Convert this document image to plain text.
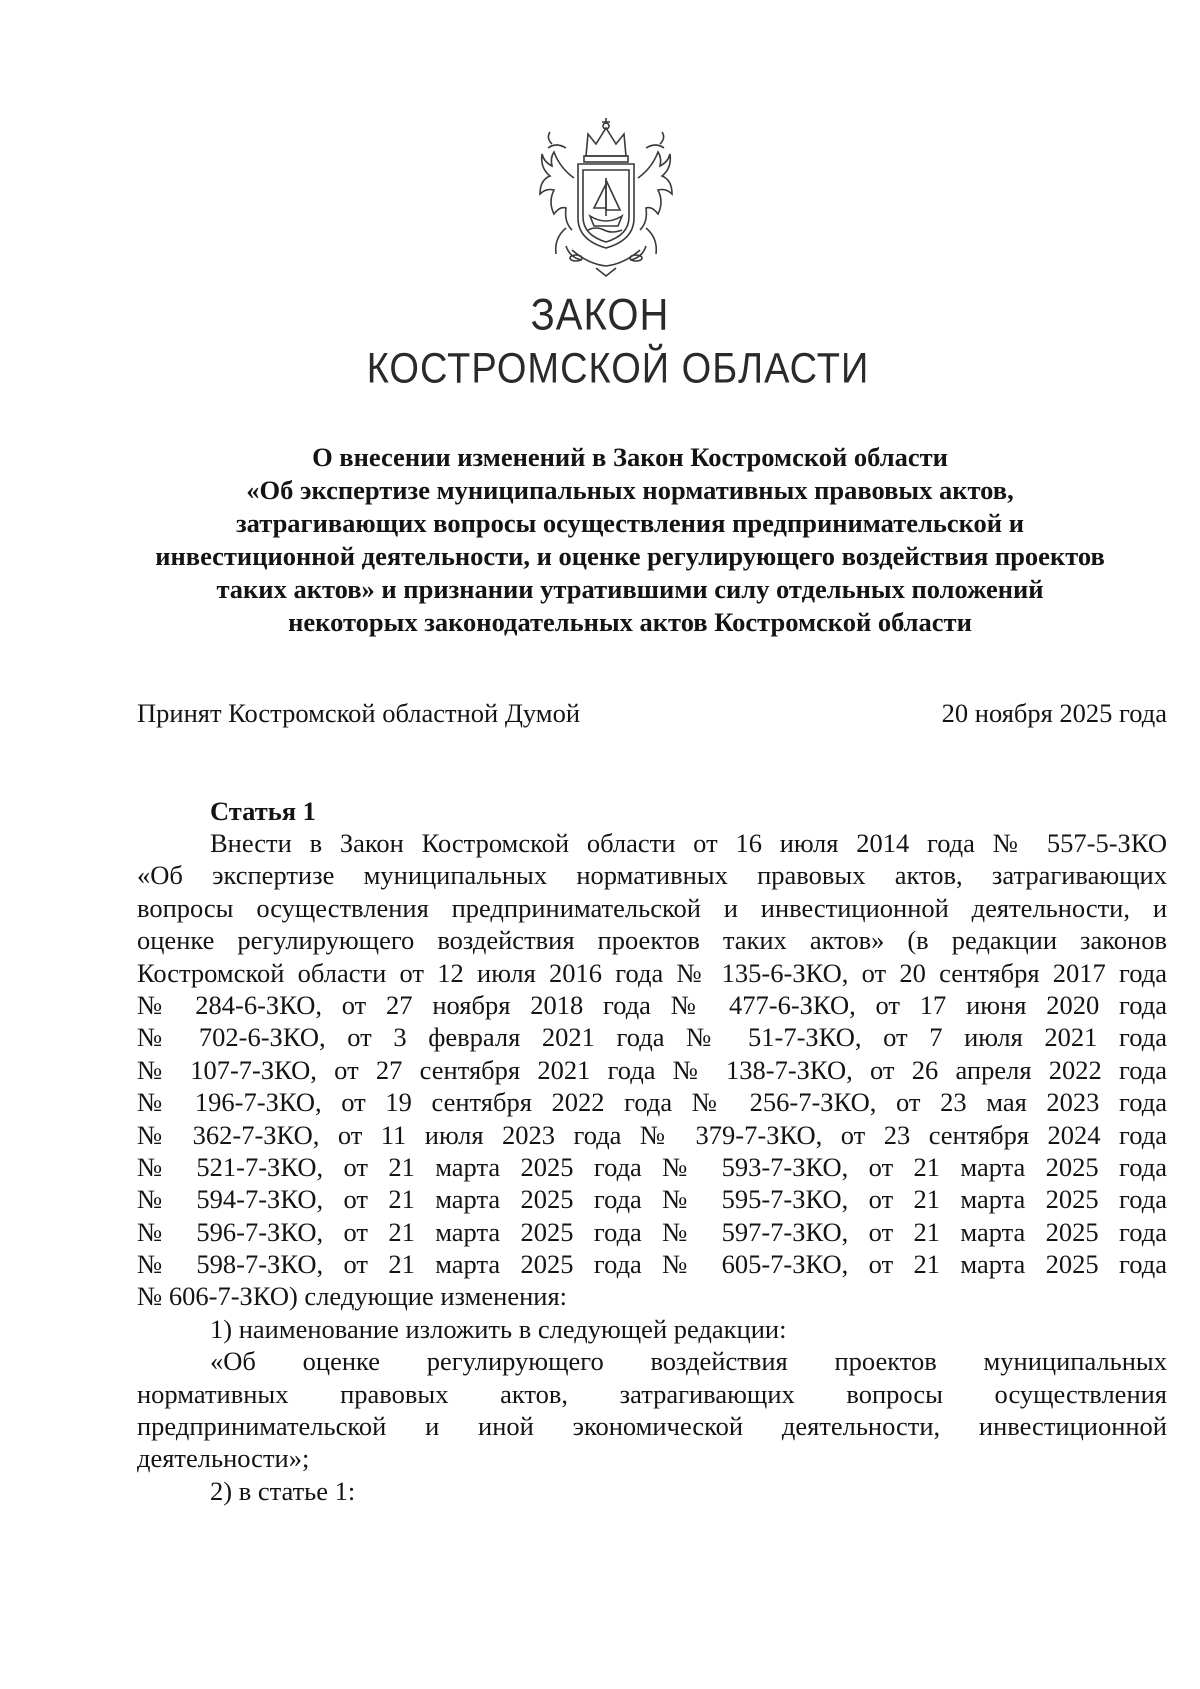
ЗАКОН
КОСТРОМСКОЙ ОБЛАСТИ
О внесении изменений в Закон Костромской области
«Об экспертизе муниципальных нормативных правовых актов,
затрагивающих вопросы осуществления предпринимательской и
инвестиционной деятельности, и оценке регулирующего воздействия проектов
таких актов» и признании утратившими силу отдельных положений
некоторых законодательных актов Костромской области
Принят Костромской областной Думой	20 ноября 2025 года
Статья 1
Внести в Закон Костромской области от 16 июля 2014 года № 557-5-ЗКО
«Об экспертизе муниципальных нормативных правовых актов, затрагивающих
вопросы осуществления предпринимательской и инвестиционной деятельности, и
оценке регулирующего воздействия проектов таких актов» (в редакции законов
Костромской области от 12 июля 2016 года № 135-6-ЗКО, от 20 сентября 2017 года
№ 284-6-ЗКО, от 27 ноября 2018 года № 477-6-ЗКО, от 17 июня 2020 года
№ 702-6-ЗКО, от 3 февраля 2021 года № 51-7-ЗКО, от 7 июля 2021 года
№ 107-7-ЗКО, от 27 сентября 2021 года № 138-7-ЗКО, от 26 апреля 2022 года
№ 196-7-ЗКО, от 19 сентября 2022 года № 256-7-ЗКО, от 23 мая 2023 года
№ 362-7-ЗКО, от 11 июля 2023 года № 379-7-ЗКО, от 23 сентября 2024 года
№ 521-7-ЗКО, от 21 марта 2025 года № 593-7-ЗКО, от 21 марта 2025 года
№ 594-7-ЗКО, от 21 марта 2025 года № 595-7-ЗКО, от 21 марта 2025 года
№ 596-7-ЗКО, от 21 марта 2025 года № 597-7-ЗКО, от 21 марта 2025 года
№ 598-7-ЗКО, от 21 марта 2025 года № 605-7-ЗКО, от 21 марта 2025 года
№ 606-7-ЗКО) следующие изменения:
1) наименование изложить в следующей редакции:
«Об оценке регулирующего воздействия проектов муниципальных
нормативных правовых актов, затрагивающих вопросы осуществления
предпринимательской и иной экономической деятельности, инвестиционной
деятельности»;
2) в статье 1:
